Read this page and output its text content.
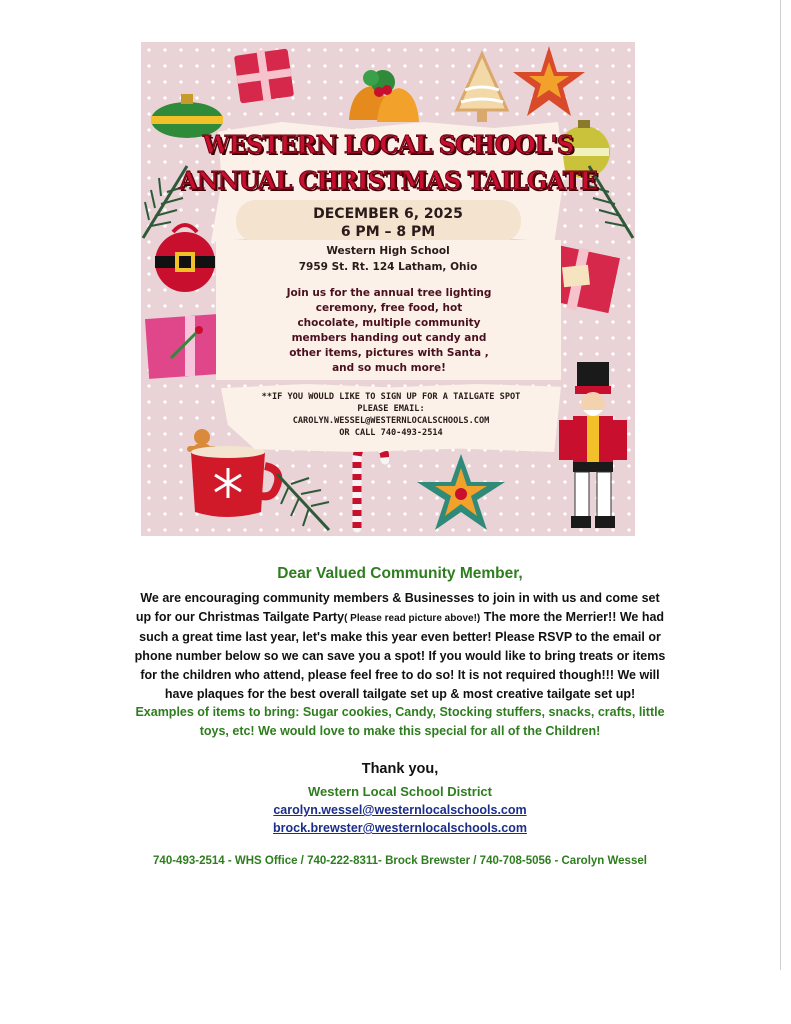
WESTERN LOCAL SCHOOL'S
ANNUAL CHRISTMAS TAILGATE
DECEMBER 6, 2025
6 PM – 8 PM
Western High School
7959 St. Rt. 124 Latham, Ohio
Join us for the annual tree lighting
ceremony, free food, hot
chocolate, multiple community
members handing out candy and
other items, pictures with Santa ,
and so much more!
**IF YOU WOULD LIKE TO SIGN UP FOR A TAILGATE SPOT
PLEASE EMAIL:
CAROLYN.WESSEL@WESTERNLOCALSCHOOLS.COM
OR CALL 740-493-2514
Dear Valued Community Member,
We are encouraging community members & Businesses to join in with us and come set
up for our Christmas Tailgate Party( Please read picture above!) The more the Merrier!! We had
such a great time last year, let's make this year even better! Please RSVP to the email or
phone number below so we can save you a spot! If you would like to bring treats or items
for the children who attend, please feel free to do so! It is not required though!!! We will
have plaques for the best overall tailgate set up & most creative tailgate set up!
Examples of items to bring: Sugar cookies, Candy, Stocking stuffers, snacks, crafts, little
toys, etc! We would love to make this special for all of the Children!
Thank you,
Western Local School District
carolyn.wessel@westernlocalschools.com
brock.brewster@westernlocalschools.com
740-493-2514 - WHS Office / 740-222-8311- Brock Brewster / 740-708-5056 - Carolyn Wessel
